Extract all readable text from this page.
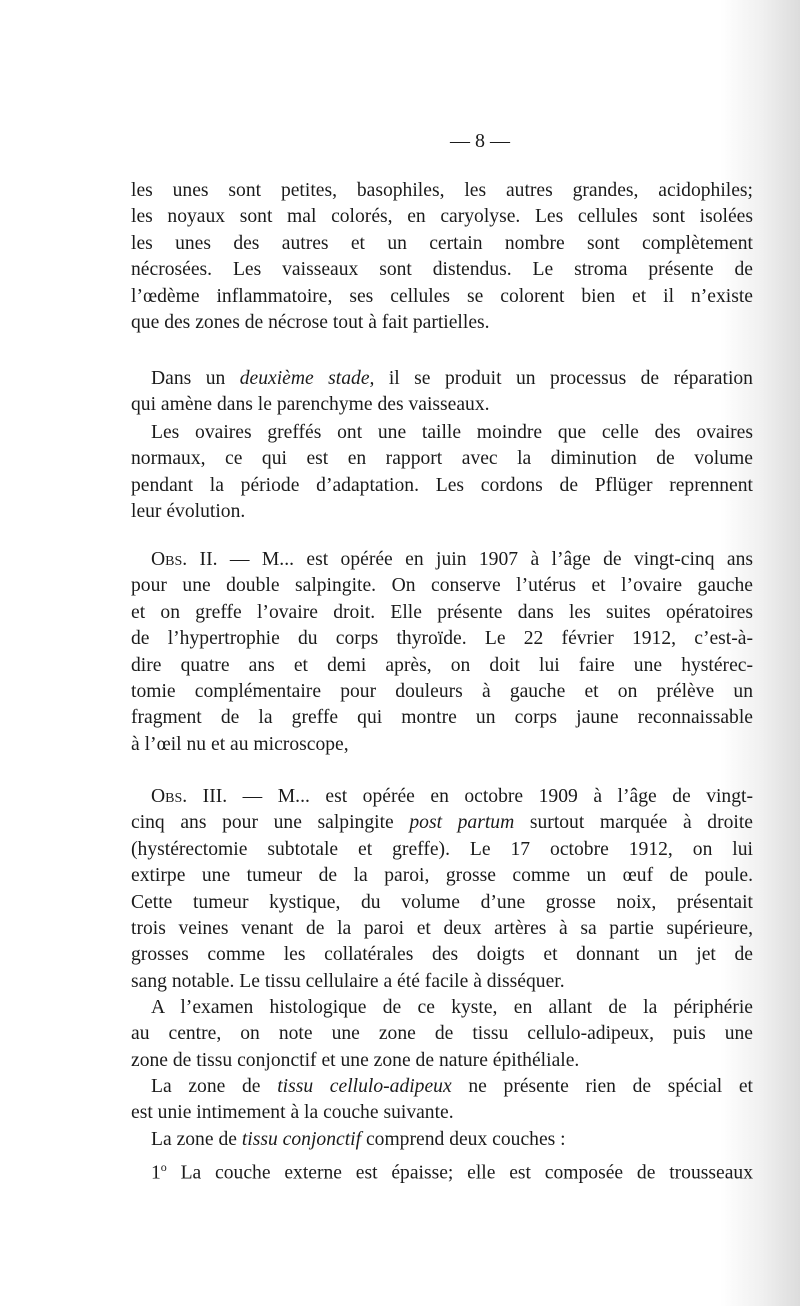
— 8 —
les unes sont petites, basophiles, les autres grandes, acidophiles;
les noyaux sont mal colorés, en caryolyse. Les cellules sont isolées
les unes des autres et un certain nombre sont complètement
nécrosées. Les vaisseaux sont distendus. Le stroma présente de
l’œdème inflammatoire, ses cellules se colorent bien et il n’existe
que des zones de nécrose tout à fait partielles.
Dans un deuxième stade, il se produit un processus de réparation
qui amène dans le parenchyme des vaisseaux.
Les ovaires greffés ont une taille moindre que celle des ovaires
normaux, ce qui est en rapport avec la diminution de volume
pendant la période d’adaptation. Les cordons de Pflüger reprennent
leur évolution.
Obs. II. — M... est opérée en juin 1907 à l’âge de vingt-cinq ans
pour une double salpingite. On conserve l’utérus et l’ovaire gauche
et on greffe l’ovaire droit. Elle présente dans les suites opératoires
de l’hypertrophie du corps thyroïde. Le 22 février 1912, c’est-à-
dire quatre ans et demi après, on doit lui faire une hystérec-
tomie complémentaire pour douleurs à gauche et on prélève un
fragment de la greffe qui montre un corps jaune reconnaissable
à l’œil nu et au microscope,
Obs. III. — M... est opérée en octobre 1909 à l’âge de vingt-
cinq ans pour une salpingite post partum surtout marquée à droite
(hystérectomie subtotale et greffe). Le 17 octobre 1912, on lui
extirpe une tumeur de la paroi, grosse comme un œuf de poule.
Cette tumeur kystique, du volume d’une grosse noix, présentait
trois veines venant de la paroi et deux artères à sa partie supérieure,
grosses comme les collatérales des doigts et donnant un jet de
sang notable. Le tissu cellulaire a été facile à disséquer.
A l’examen histologique de ce kyste, en allant de la périphérie
au centre, on note une zone de tissu cellulo-adipeux, puis une
zone de tissu conjonctif et une zone de nature épithéliale.
La zone de tissu cellulo-adipeux ne présente rien de spécial et
est unie intimement à la couche suivante.
La zone de tissu conjonctif comprend deux couches :
1$^o$ La couche externe est épaisse; elle est composée de trousseaux
